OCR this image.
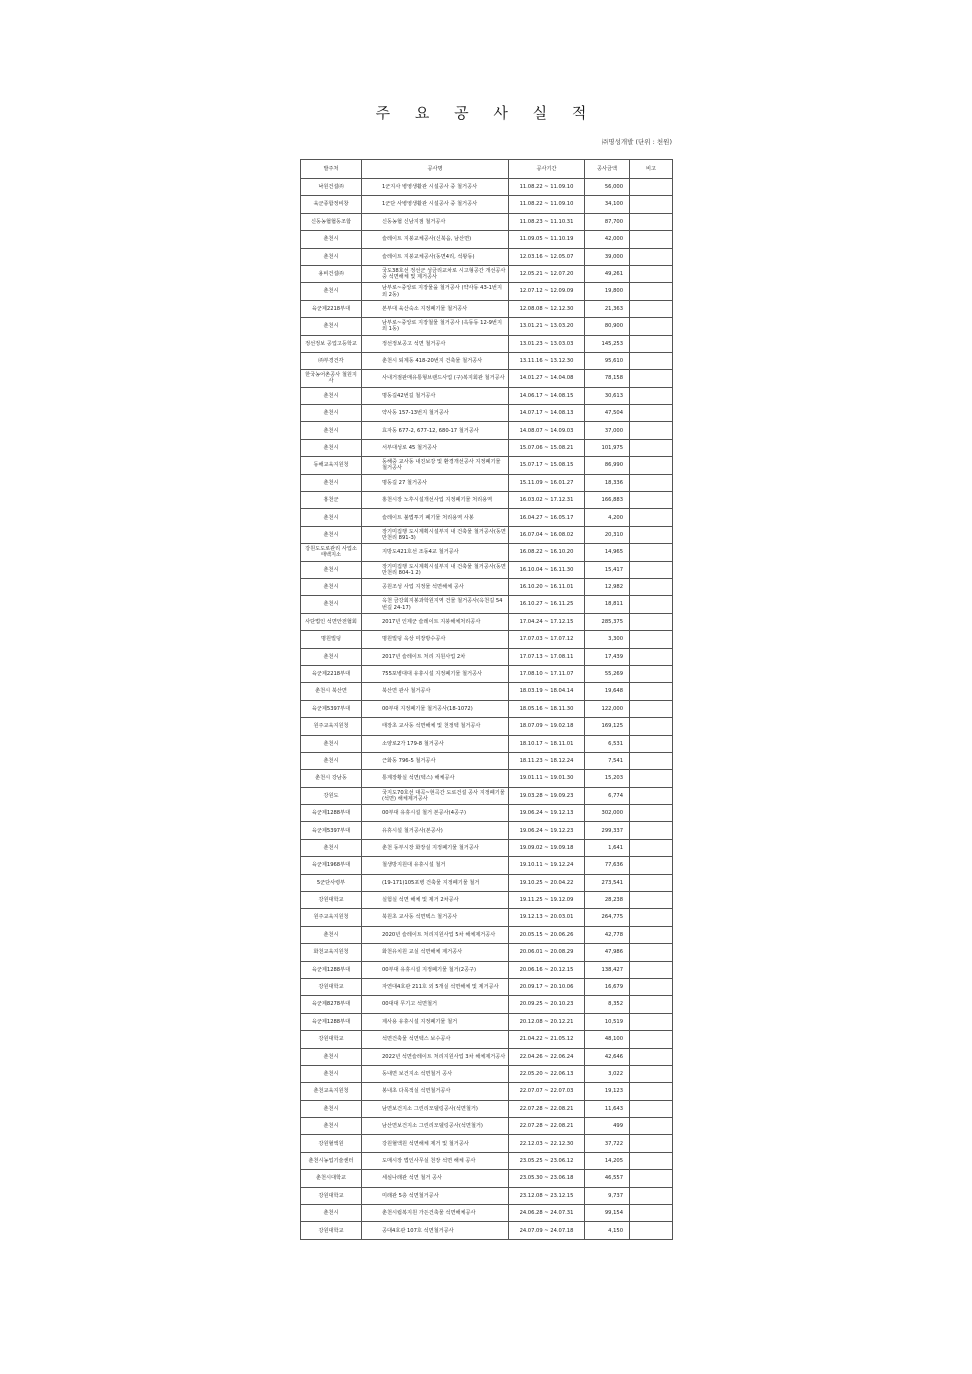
주 요 공 사 실 적
㈜명성개발 (단위 : 천원)
발주처	공사명	공사기간	공사금액	비고
낙원건설㈜	1군지사 병영생활관 시설공사 중 철거공사	11.08.22 ~ 11.09.10	56,000	
육군종합정비창	1군단 사병영생활관 시설공사 중 철거공사	11.08.22 ~ 11.09.10	34,100	
신동농협협동조합	신동농협 신남지점 철거공사	11.08.23 ~ 11.10.31	87,700	
춘천시	슬레이트 지붕교체공사(신북읍, 남산면)	11.09.05 ~ 11.10.19	42,000	
춘천시	슬레이트 지붕교체공사(동면4리, 석왕동)	12.03.16 ~ 12.05.07	39,000	
용비건설㈜	국도38호선 정선군 성금리교차로 시고형공간 개선공사 중 석면해체 및 제거공사	12.05.21 ~ 12.07.20	49,261	
춘천시	남부로~중앙로 지장물을 철거공사 (약사동 43-1번지 외 2동)	12.07.12 ~ 12.09.09	19,800	
육군제2218부대	본부대 육산숙소 지정폐기물 철거공사	12.08.08 ~ 12.12.30	21,363	
춘천시	남부로~중앙로 지장철물 철거공사 (옥동동 12-9번지 외 1동)	13.01.21 ~ 13.03.20	80,900	
정선정보 공업고등학교	정선정보공고 석면 철거공사	13.01.23 ~ 13.03.03	145,253	
㈜부경건각	춘천시 퇴계동 418-20번지 건축물 철거공사	13.11.16 ~ 13.12.30	95,610	
한국농어촌공사 철원지사	사내거점판매유통형브랜드사업 (구)복지회관 철거공사	14.01.27 ~ 14.04.08	78,158	
춘천시	명동길42번길 철거공사	14.06.17 ~ 14.08.15	30,613	
춘천시	약사동 157-13번지 철거공사	14.07.17 ~ 14.08.13	47,504	
춘천시	효자동 677-2, 677-12, 680-17 철거공사	14.08.07 ~ 14.09.03	37,000	
춘천시	서부대성로 45 철거공사	15.07.06 ~ 15.08.21	101,975	
동해교육지원청	동해중 교사동 내진보강 및 환경개선공사 지정폐기물 철거공사	15.07.17 ~ 15.08.15	86,990	
춘천시	명동길 27 철거공사	15.11.09 ~ 16.01.27	18,336	
홍천군	홍천시장 노후시설개선사업 지정폐기물 처리용역	16.03.02 ~ 17.12.31	166,883	
춘천시	슬레이트 불법투기 폐기물 처리용역 사봉	16.04.27 ~ 16.05.17	4,200	
춘천시	장기미집행 도시계획시설부지 내 건축물 철거공사(동면 만천리 891-3)	16.07.04 ~ 16.08.02	20,310	
강원도도로관리 사업소태백지소	지방도421호선 조동4교 철거공사	16.08.22 ~ 16.10.20	14,965	
춘천시	장기미집행 도시계획시설부지 내 건축물 철거공사(동면 만천리 804-1 2)	16.10.04 ~ 16.11.30	15,417	
춘천시	공원조성 사업 지정물 석면해체 공사	16.10.20 ~ 16.11.01	12,982	
춘천시	옥천 금강회지봉과학원지역 건물 철거공사(옥천길 54번길 24-17)	16.10.27 ~ 16.11.25	18,811	
사단법인 석면안전협회	2017년 인제군 슬레이트 지붕해체처리공사	17.04.24 ~ 17.12.15	285,375	
명원빌딩	명원빌딩 옥상 미장방수공사	17.07.03 ~ 17.07.12	3,300	
춘천시	2017년 슬레이트 처리 지원사업 2차	17.07.13 ~ 17.08.11	17,439	
육군제2218부대	755포병대대 유휴시설 지정폐기물 철거공사	17.08.10 ~ 17.11.07	55,269	
춘천시 북산면	북산면 관사 철거공사	18.03.19 ~ 18.04.14	19,648	
육군제5397부대	00부대 지정폐기물 철거공사(18-1072)	18.05.16 ~ 18.11.30	122,000	
원주교육지원청	태장초 교사동 석면해체 및 천정텍 철거공사	18.07.09 ~ 19.02.18	169,125	
춘천시	소양로2가 179-8 철거공사	18.10.17 ~ 18.11.01	6,531	
춘천시	근화동 796-5 철거공사	18.11.23 ~ 18.12.24	7,541	
춘천시 강남동	통계장황실 석면(텍스) 해체공사	19.01.11 ~ 19.01.30	15,203	
강원도	국지도70호선 대곡~현곡간 도로건설 공사 지정폐기물(석면) 해체제거공사	19.03.28 ~ 19.09.23	6,774	
육군제1288부대	00부대 유휴시설 철거 본공사(4공구)	19.06.24 ~ 19.12.13	302,000	
육군제5397부대	유휴시설 철거공사(본공사)	19.06.24 ~ 19.12.23	299,337	
춘천시	춘천 동부시장 화장실 지정폐기물 철거공사	19.09.02 ~ 19.09.18	1,641	
육군제1968부대	철생방지원대 유휴시설 철거	19.10.11 ~ 19.12.24	77,636	
5군단사령부	(19-171)105포병 건축물 지정폐기물 철거	19.10.25 ~ 20.04.22	273,541	
강원대학교	실험실 석면 해체 및 제거 2차공사	19.11.25 ~ 19.12.09	28,238	
원주교육지원청	북원초 교사동 석면텍스 철거공사	19.12.13 ~ 20.03.01	264,775	
춘천시	2020년 슬레이트 처리지원사업 5차 해체제거공사	20.05.15 ~ 20.06.26	42,778	
화천교육지원청	화천유치원 교실 석면해체 제거공사	20.06.01 ~ 20.08.29	47,986	
육군제1288부대	00부대 유휴시설 지정폐기물 철거(2공구)	20.06.16 ~ 20.12.15	138,427	
강원대학교	자연대4호관 211호 외 5개실 석면해체 및 제거공사	20.09.17 ~ 20.10.06	16,679	
육군제8278부대	00대대 무기고 석면철거	20.09.25 ~ 20.10.23	8,352	
육군제1288부대	제사용 유휴시설 지정폐기물 철거	20.12.08 ~ 20.12.21	10,519	
강원대학교	석면건축물 석면텍스 보수공사	21.04.22 ~ 21.05.12	48,100	
춘천시	2022년 석면슬레이트 처리지원사업 3차 해체제거공사	22.04.26 ~ 22.06.24	42,646	
춘천시	동내면 보건지소 석면철거 공사	22.05.20 ~ 22.06.13	3,022	
춘천교육지원청	봉내초 다목적실 석면철거공사	22.07.07 ~ 22.07.03	19,123	
춘천시	남면보건지소 그린리모델링공사(석면철거)	22.07.28 ~ 22.08.21	11,643	
춘천시	남산면보건지소 그린리모델링공사(석면철거)	22.07.28 ~ 22.08.21	499	
강원혈액원	강원혈액원 석면해체 제거 및 철거공사	22.12.03 ~ 22.12.30	37,722	
춘천시농업기술센터	도매시장 법인사무실 천장 석면 해체 공사	23.05.25 ~ 23.06.12	14,205	
춘천시대학교	세심나래관 석면 철거 공사	23.05.30 ~ 23.06.18	46,557	
강원대학교	미래관 5층 석면철거공사	23.12.08 ~ 23.12.15	9,737	
춘천시	춘천시립복지원 가든건축물 석면해체공사	24.06.28 ~ 24.07.31	99,154	
강원대학교	공대4호관 107호 석면철거공사	24.07.09 ~ 24.07.18	4,150	
